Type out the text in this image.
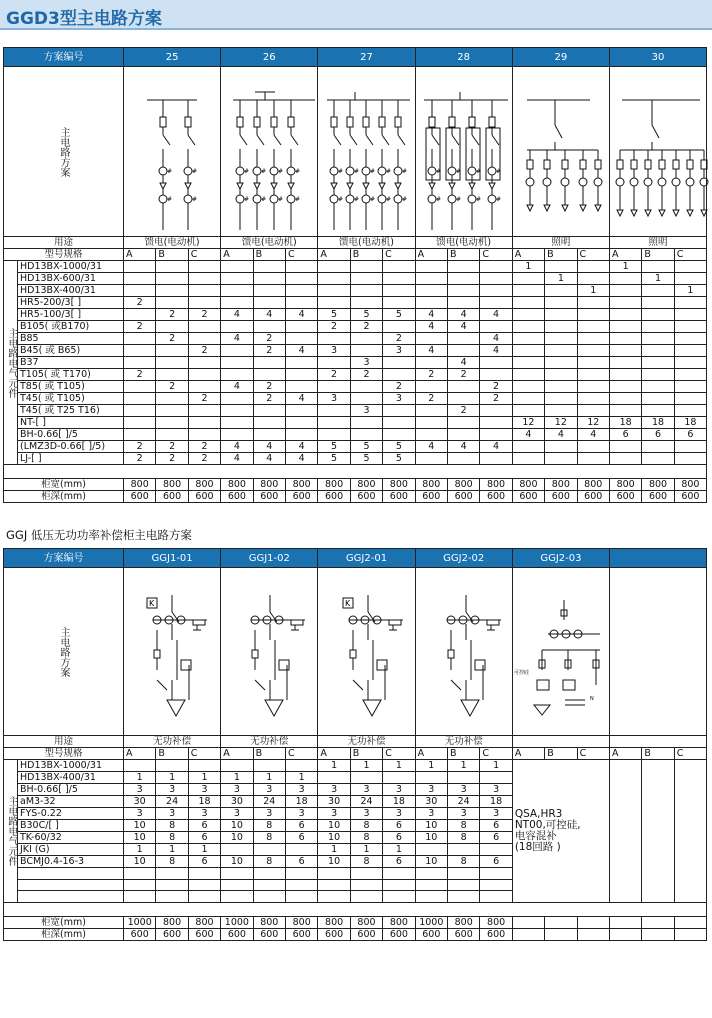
GGD3型主电路方案
方案编号		25			26			27			28			29			30		

主电路方案																			

用途		馈电(电动机)			馈电(电动机)			馈电(电动机)			馈电(电动机)			照明			照明		
型号规格		A	B	C	A	B	C	A	B	C	A	B	C	A	B	C	A	B	C

主电路电气元件	HD13BX-1000/31													1			1		
	HD13BX-600/31														1			1	
	HD13BX-400/31															1			1
	HR5-200/3[ ]	2																	
	HR5-100/3[ ]		2	2	4	4	4	5	5	5	4	4	4						
	B105( 或B170)	2						2	2		4	4							
	B85		2		4	2				2			4						
	B45( 或 B65)			2		2	4	3		3	4		4						
	B37								3			4							
	T105( 或 T170)	2						2	2		2	2							
	T85( 或 T105)		2		4	2				2			2						
	T45( 或 T105)			2		2	4	3		3	2		2						
	T45( 或 T25 T16)								3			2							
	NT-[ ]													12	12	12	18	18	18
	BH-0.66[ ]/5													4	4	4	6	6	6
	(LMZ3D-0.66[ ]/5)	2	2	2	4	4	4	5	5	5	4	4	4						
	LJ-[ ]	2	2	2	4	4	4	5	5	5									

柜宽(mm)		800	800	800	800	800	800	800	800	800	800	800	800	800	800	800	800	800	800
柜深(mm)		600	600	600	600	600	600	600	600	600	600	600	600	600	600	600	600	600	600
GGJ 低压无功功率补偿柜主电路方案
方案编号		GGJ1-01			GGJ1-02			GGJ2-01			GGJ2-02			GGJ2-03					

主电路方案																			

用途		无功补偿			无功补偿			无功补偿			无功补偿								
型号规格		A	B	C	A	B	C	A	B	C	A	B	C	A	B	C	A	B	C

主电路电气元件	HD13BX-1000/31							1	1	1	1	1	1	QSA,HR3
NT00,可控硅,
电容混补
(18回路 )					

	HD13BX-400/31	1	1	1	1	1	1												
	BH-0.66[ ]/5	3	3	3	3	3	3	3	3	3	3	3	3						
	aM3-32	30	24	18	30	24	18	30	24	18	30	24	18						
	FYS-0.22	3	3	3	3	3	3	3	3	3	3	3	3						
	B30C/[ ]	10	8	6	10	8	6	10	8	6	10	8	6						
	TK-60/32	10	8	6	10	8	6	10	8	6	10	8	6						
	JKI (G)	1	1	1				1	1	1									
	BCMJ0.4-16-3	10	8	6	10	8	6	10	8	6	10	8	6						

柜宽(mm)		1000	800	800	1000	800	800	800	800	800	1000	800	800						
柜深(mm)		600	600	600	600	600	600	600	600	600	600	600	600						
#
#
#
#
#
#
#
#
#
#
#
#
#
#
#
#
#
#
#
#
#
#
#
#
#
#
#
#
#
#
K	K
可控硅
N
